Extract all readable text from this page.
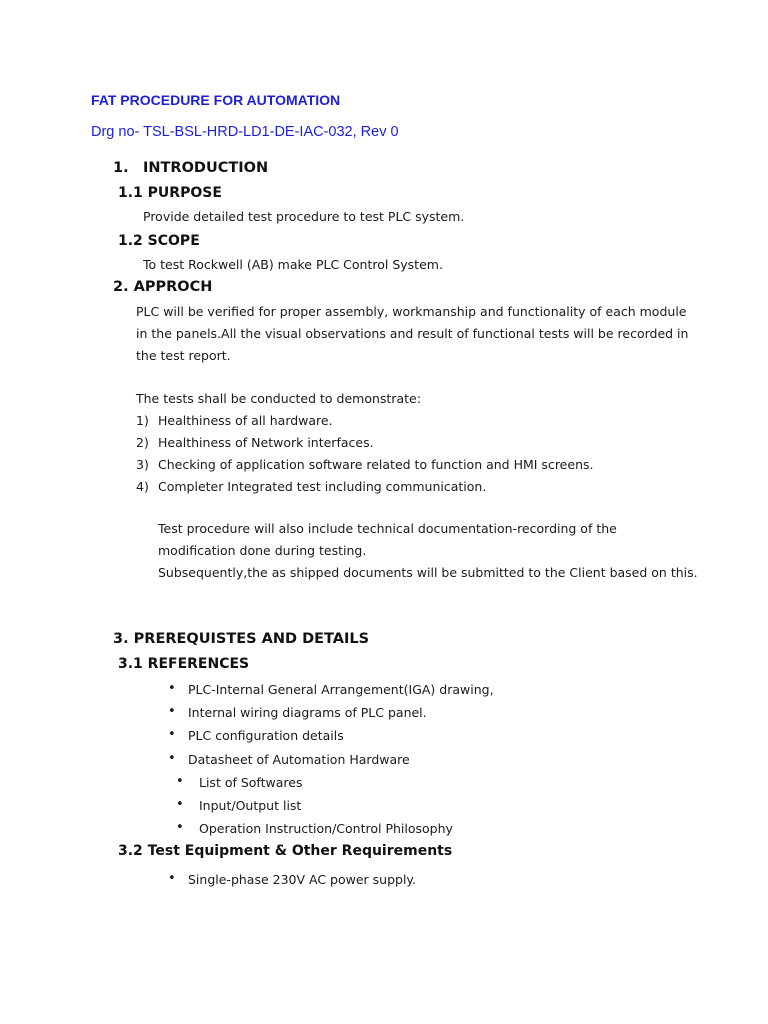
FAT PROCEDURE FOR AUTOMATION
Drg no- TSL-BSL-HRD-LD1-DE-IAC-032, Rev 0
1. INTRODUCTION
1.1 PURPOSE
Provide detailed test procedure to test PLC system.
1.2 SCOPE
To test Rockwell (AB) make PLC Control System.
2. APPROCH
PLC will be verified for proper assembly, workmanship and functionality of each module in the panels.All the visual observations and result of functional tests will be recorded in the test report.
The tests shall be conducted to demonstrate:
1) Healthiness of all hardware.
2) Healthiness of Network interfaces.
3) Checking of application software related to function and HMI screens.
4) Completer Integrated test including communication.
Test procedure will also include technical documentation-recording of the modification done during testing.
Subsequently,the as shipped documents will be submitted to the Client based on this.
3. PREREQUISTES AND DETAILS
3.1 REFERENCES
• PLC-Internal General Arrangement(IGA) drawing,
• Internal wiring diagrams of PLC panel.
• PLC configuration details
• Datasheet of Automation Hardware
• List of Softwares
• Input/Output list
• Operation Instruction/Control Philosophy
3.2 Test Equipment & Other Requirements
• Single-phase 230V AC power supply.
